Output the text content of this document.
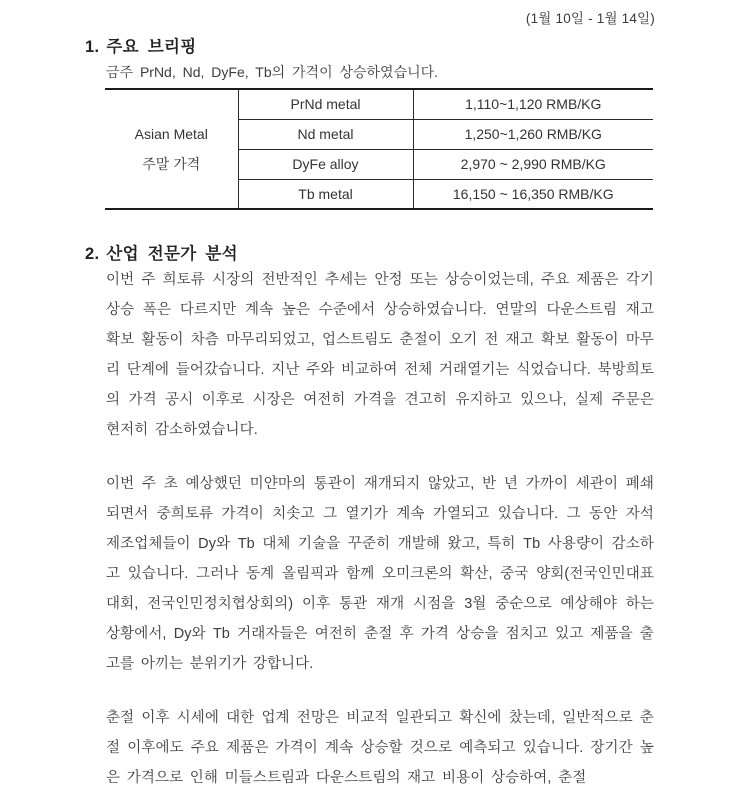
(1월 10일 - 1월 14일)
1. 주요 브리핑
금주 PrNd, Nd, DyFe, Tb의 가격이 상승하였습니다.
Asian Metal
주말 가격	PrNd metal	1,110~1,120 RMB/KG
	Nd metal	1,250~1,260 RMB/KG
	DyFe alloy	2,970 ~ 2,990 RMB/KG
	Tb metal	16,150 ~ 16,350 RMB/KG
2. 산업 전문가 분석

이번 주 희토류 시장의 전반적인 추세는 안정 또는 상승이었는데, 주요 제품은 각기 상승 폭은 다르지만 계속 높은 수준에서 상승하였습니다. 연말의 다운스트림 재고 확보 활동이 차츰 마무리되었고, 업스트림도 춘절이 오기 전 재고 확보 활동이 마무리 단계에 들어갔습니다. 지난 주와 비교하여 전체 거래열기는 식었습니다. 북방희토의 가격 공시 이후로 시장은 여전히 가격을 견고히 유지하고 있으나, 실제 주문은 현저히 감소하였습니다.

이번 주 초 예상했던 미얀마의 통관이 재개되지 않았고, 반 년 가까이 세관이 폐쇄되면서 중희토류 가격이 치솟고 그 열기가 계속 가열되고 있습니다. 그 동안 자석 제조업체들이 Dy와 Tb 대체 기술을 꾸준히 개발해 왔고, 특히 Tb 사용량이 감소하고 있습니다. 그러나 동계 올림픽과 함께 오미크론의 확산, 중국 양회(전국인민대표대회, 전국인민정치협상회의) 이후 통관 재개 시점을 3월 중순으로 예상해야 하는 상황에서, Dy와 Tb 거래자들은 여전히 춘절 후 가격 상승을 점치고 있고 제품을 출고를 아끼는 분위기가 강합니다.

춘절 이후 시세에 대한 업계 전망은 비교적 일관되고 확신에 찼는데, 일반적으로 춘절 이후에도 주요 제품은 가격이 계속 상승할 것으로 예측되고 있습니다. 장기간 높은 가격으로 인해 미들스트림과 다운스트림의 재고 비용이 상승하여, 춘절
